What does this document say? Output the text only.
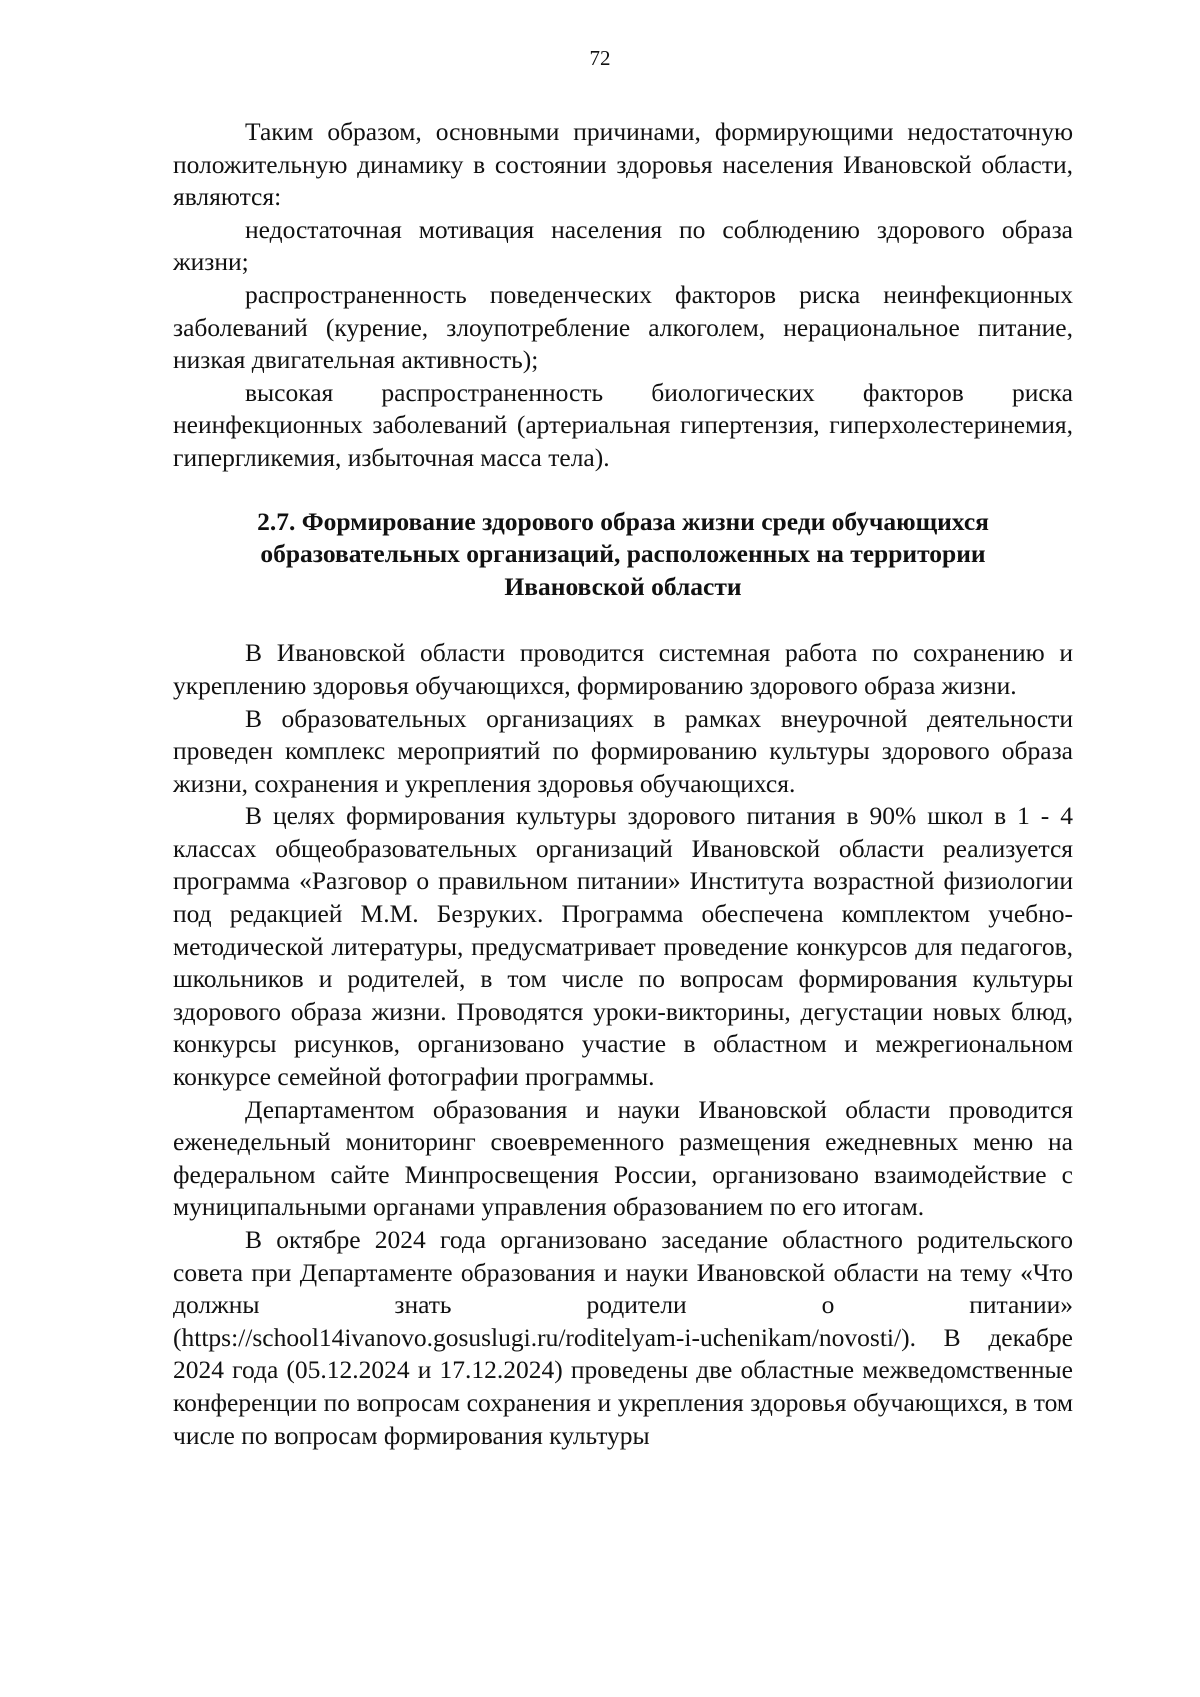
72

Таким образом, основными причинами, формирующими недостаточную положительную динамику в состоянии здоровья населения Ивановской области, являются:

недостаточная мотивация населения по соблюдению здорового образа жизни;

распространенность поведенческих факторов риска неинфекционных заболеваний (курение, злоупотребление алкоголем, нерациональное питание, низкая двигательная активность);

высокая распространенность биологических факторов риска неинфекционных заболеваний (артериальная гипертензия, гиперхолестеринемия, гипергликемия, избыточная масса тела).

2.7. Формирование здорового образа жизни среди обучающихся образовательных организаций, расположенных на территории Ивановской области

В Ивановской области проводится системная работа по сохранению и укреплению здоровья обучающихся, формированию здорового образа жизни.

В образовательных организациях в рамках внеурочной деятельности проведен комплекс мероприятий по формированию культуры здорового образа жизни, сохранения и укрепления здоровья обучающихся.

В целях формирования культуры здорового питания в 90% школ в 1 - 4 классах общеобразовательных организаций Ивановской области реализуется программа «Разговор о правильном питании» Института возрастной физиологии под редакцией М.М. Безруких. Программа обеспечена комплектом учебно-методической литературы, предусматривает проведение конкурсов для педагогов, школьников и родителей, в том числе по вопросам формирования культуры здорового образа жизни. Проводятся уроки-викторины, дегустации новых блюд, конкурсы рисунков, организовано участие в областном и межрегиональном конкурсе семейной фотографии программы.

Департаментом образования и науки Ивановской области проводится еженедельный мониторинг своевременного размещения ежедневных меню на федеральном сайте Минпросвещения России, организовано взаимодействие с муниципальными органами управления образованием по его итогам.

В октябре 2024 года организовано заседание областного родительского совета при Департаменте образования и науки Ивановской области на тему «Что должны знать родители о питании» (https://school14ivanovo.gosuslugi.ru/roditelyam-i-uchenikam/novosti/). В декабре 2024 года (05.12.2024 и 17.12.2024) проведены две областные межведомственные конференции по вопросам сохранения и укрепления здоровья обучающихся, в том числе по вопросам формирования культуры
